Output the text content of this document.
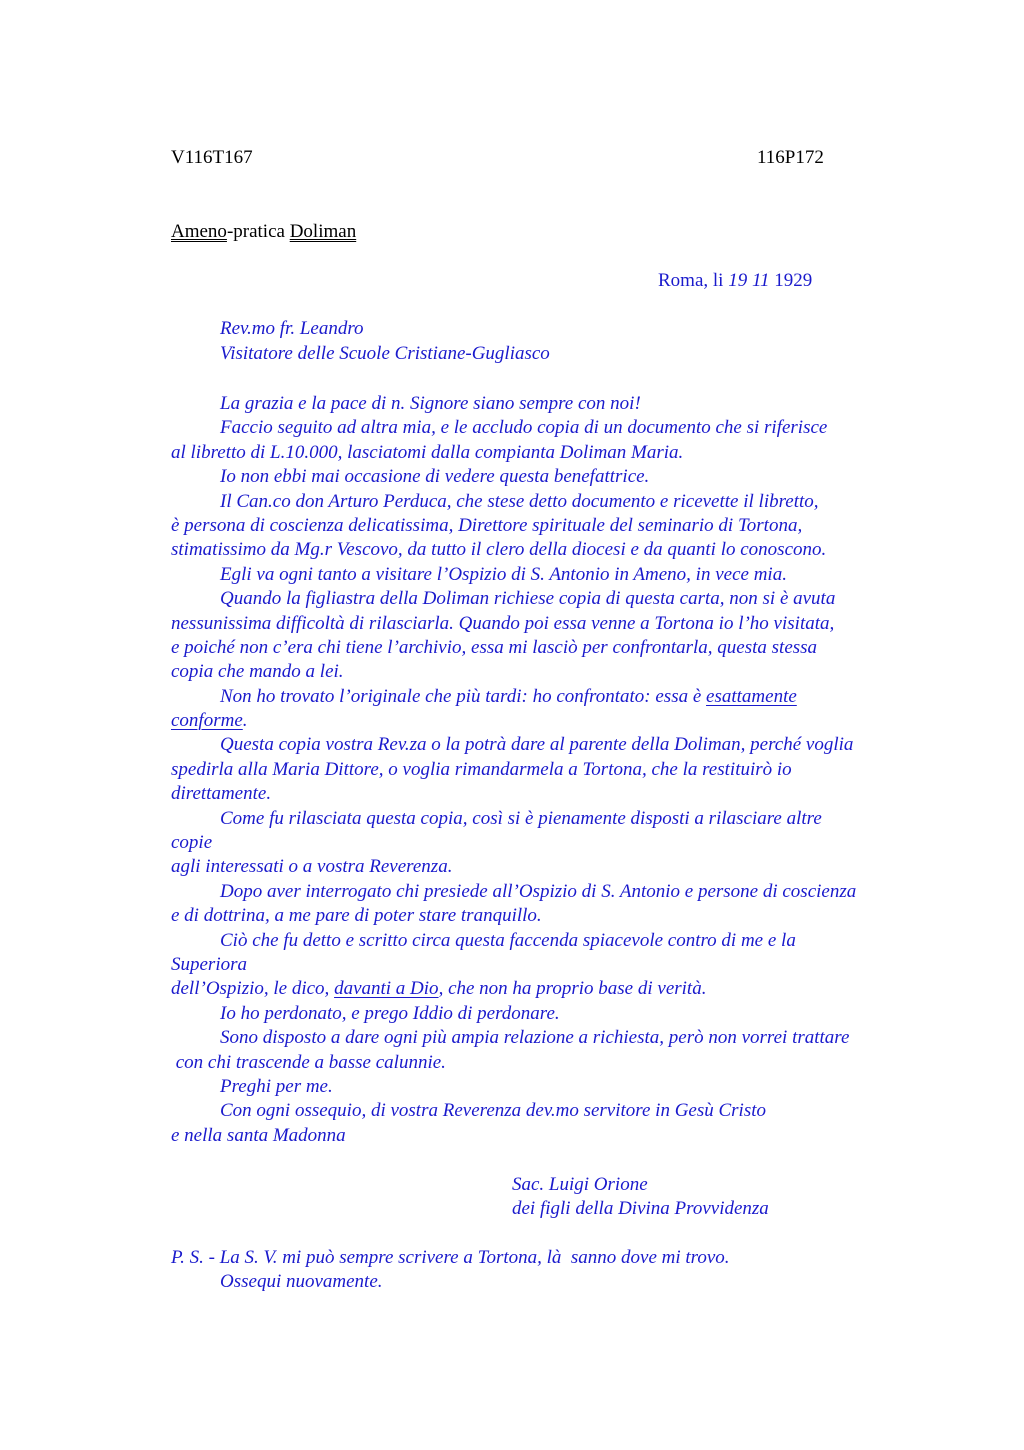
V116T167	116P172
Ameno-pratica Doliman
Roma, li 19 11 1929
Rev.mo fr. Leandro
Visitatore delle Scuole Cristiane-Gugliasco
La grazia e la pace di n. Signore siano sempre con noi!
Faccio seguito ad altra mia, e le accludo copia di un documento che si riferisce
al libretto di L.10.000, lasciatomi dalla compianta Doliman Maria.
Io non ebbi mai occasione di vedere questa benefattrice.
Il Can.co don Arturo Perduca, che stese detto documento e ricevette il libretto,
è persona di coscienza delicatissima, Direttore spirituale del seminario di Tortona,
stimatissimo da Mg.r Vescovo, da tutto il clero della diocesi e da quanti lo conoscono.
Egli va ogni tanto a visitare l’Ospizio di S. Antonio in Ameno, in vece mia.
Quando la figliastra della Doliman richiese copia di questa carta, non si è avuta
nessunissima difficoltà di rilasciarla. Quando poi essa venne a Tortona io l’ho visitata,
e poiché non c’era chi tiene l’archivio, essa mi lasciò per confrontarla, questa stessa
copia che mando a lei.
Non ho trovato l’originale che più tardi: ho confrontato: essa è esattamente
conforme.
Questa copia vostra Rev.za o la potrà dare al parente della Doliman, perché voglia
spedirla alla Maria Dittore, o voglia rimandarmela a Tortona, che la restituirò io
direttamente.
Come fu rilasciata questa copia, così si è pienamente disposti a rilasciare altre
copie
agli interessati o a vostra Reverenza.
Dopo aver interrogato chi presiede all’Ospizio di S. Antonio e persone di coscienza
e di dottrina, a me pare di poter stare tranquillo.
Ciò che fu detto e scritto circa questa faccenda spiacevole contro di me e la
Superiora
dell’Ospizio, le dico, davanti a Dio, che non ha proprio base di verità.
Io ho perdonato, e prego Iddio di perdonare.
Sono disposto a dare ogni più ampia relazione a richiesta, però non vorrei trattare
con chi trascende a basse calunnie.
Preghi per me.
Con ogni ossequio, di vostra Reverenza dev.mo servitore in Gesù Cristo
e nella santa Madonna
Sac. Luigi Orione
dei figli della Divina Provvidenza
P. S. - La S. V. mi può sempre scrivere a Tortona, là  sanno dove mi trovo.
Ossequi nuovamente.
